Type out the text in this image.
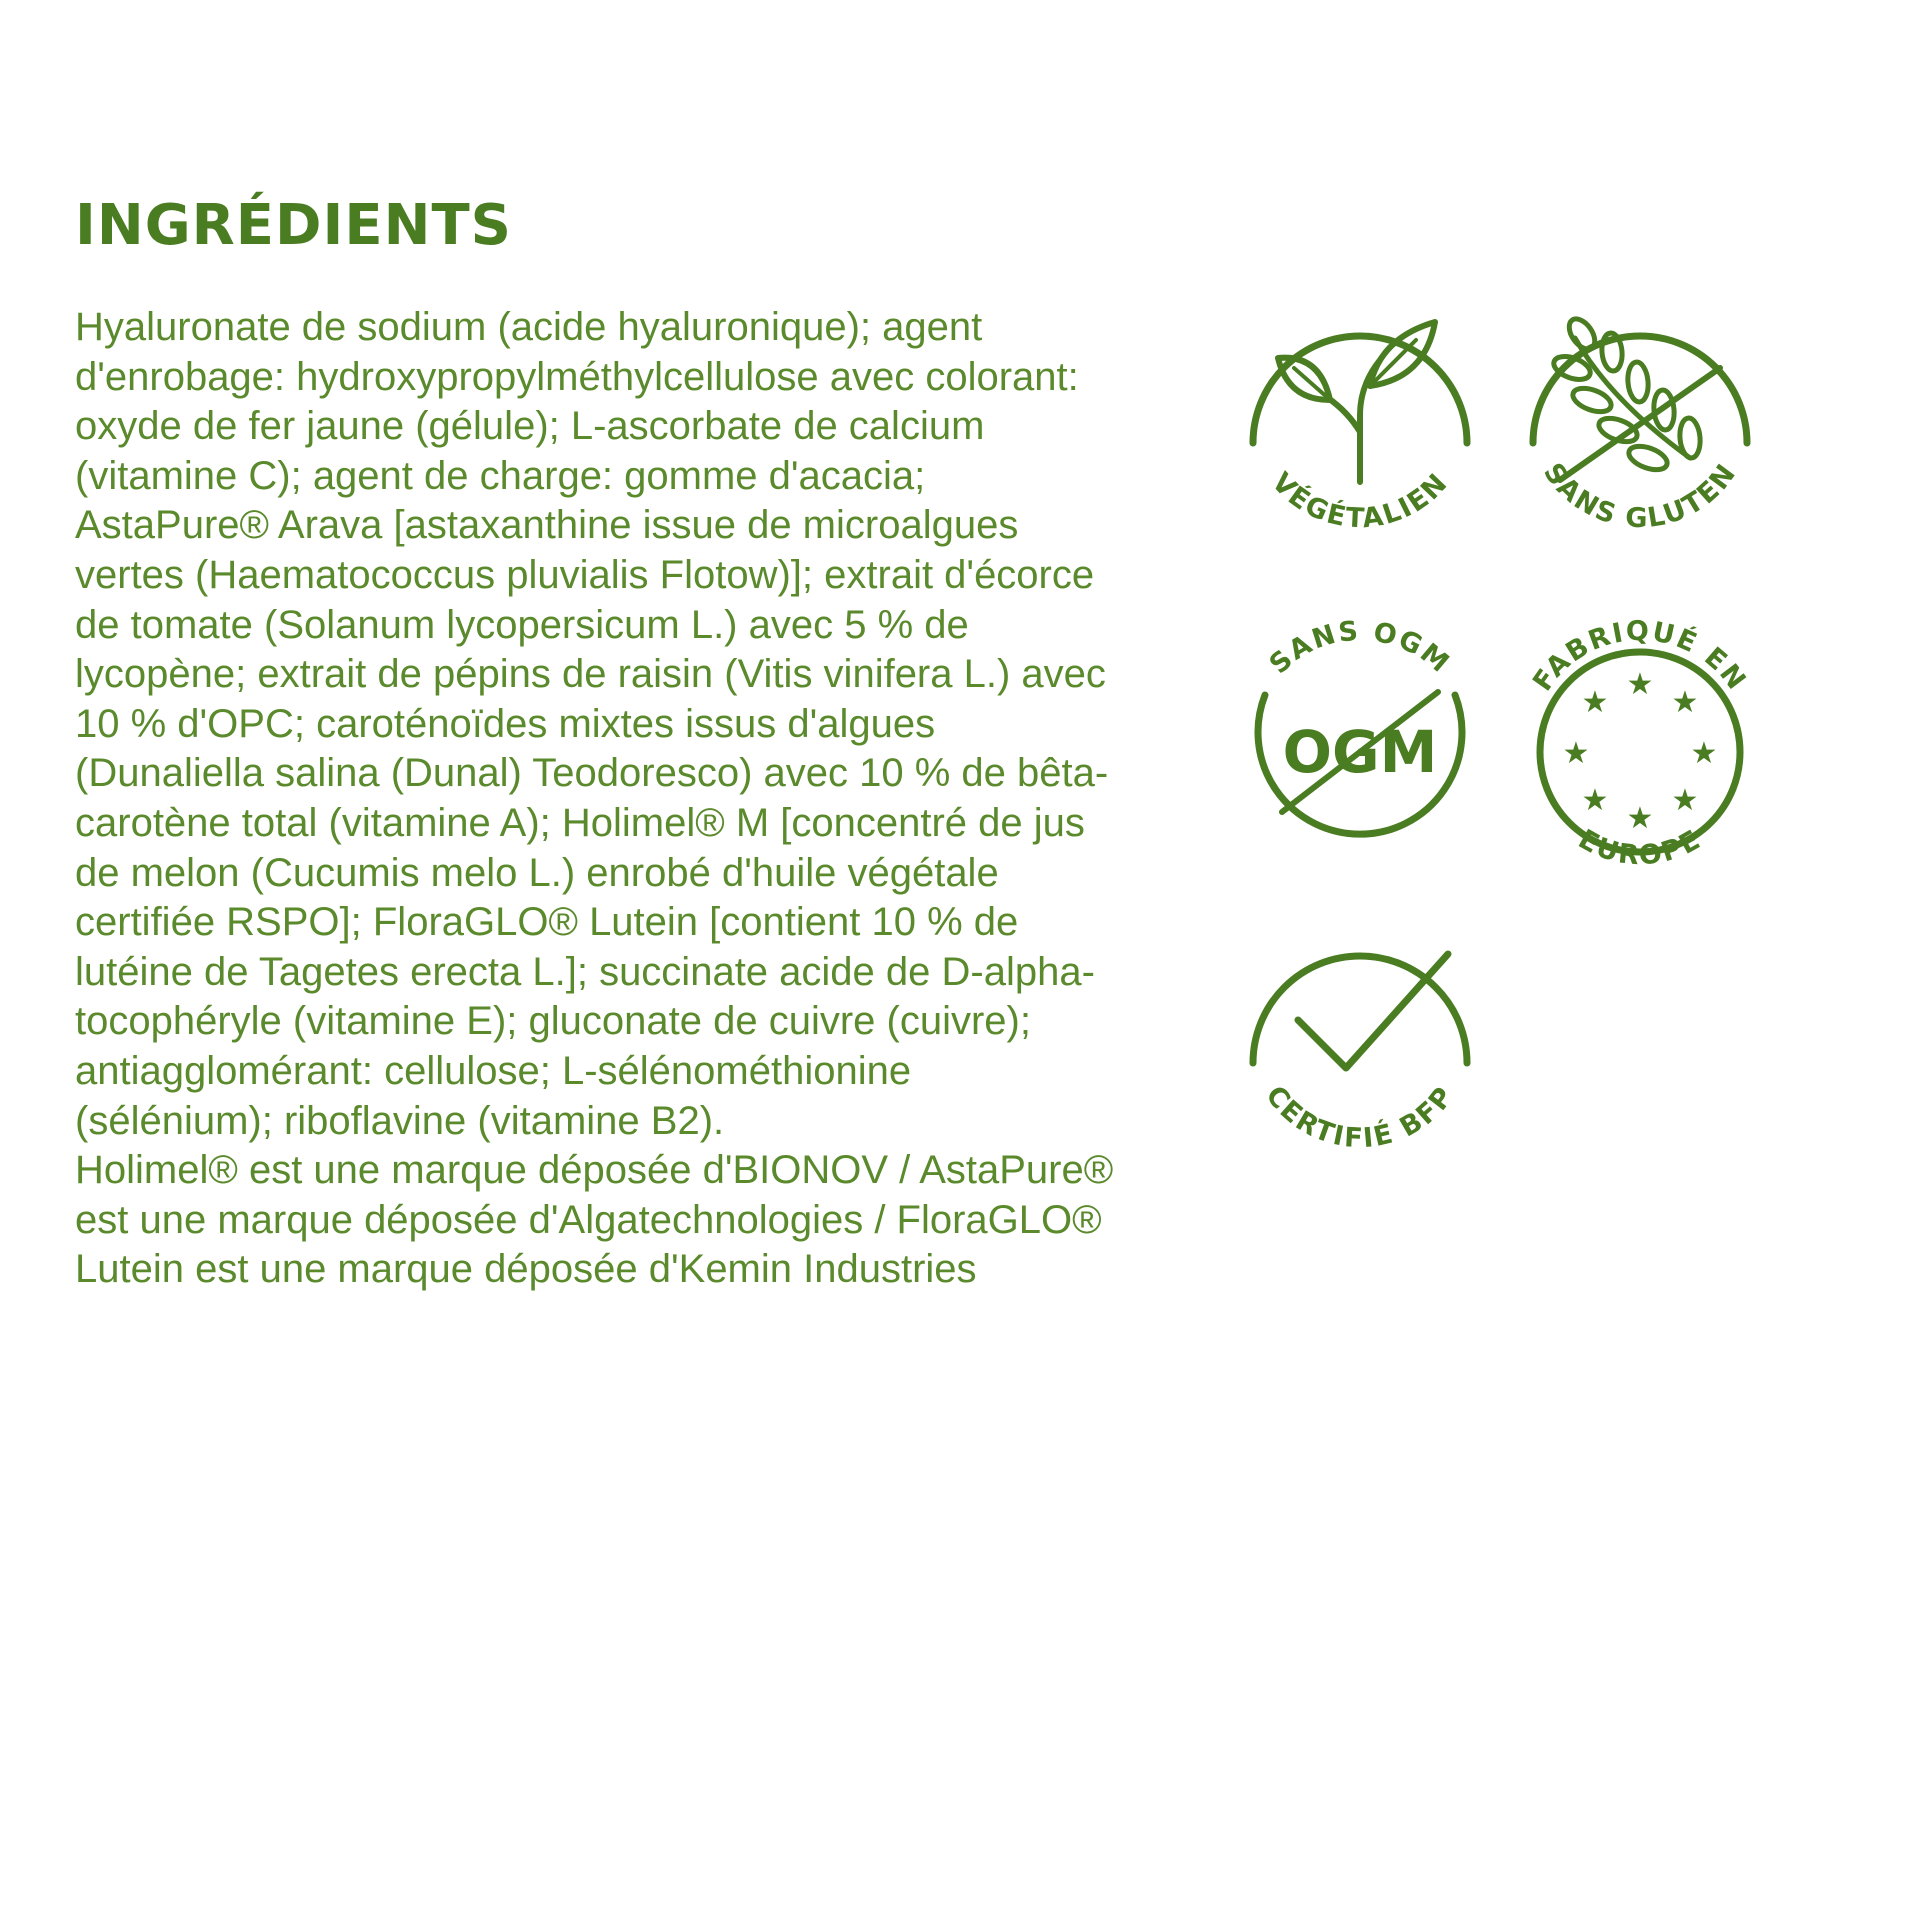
INGRÉDIENTS

Hyaluronate de sodium (acide hyaluronique); agent d'enrobage: hydroxypropylméthylcellulose avec colorant: oxyde de fer jaune (gélule); L-ascorbate de calcium (vitamine C); agent de charge: gomme d'acacia; AstaPure® Arava [astaxanthine issue de microalgues vertes (Haematococcus pluvialis Flotow)]; extrait d'écorce de tomate (Solanum lycopersicum L.) avec 5 % de lycopène; extrait de pépins de raisin (Vitis vinifera L.) avec 10 % d'OPC; caroténoïdes mixtes issus d'algues (Dunaliella salina (Dunal) Teodoresco) avec 10 % de bêta-carotène total (vitamine A); Holimel® M [concentré de jus de melon (Cucumis melo L.) enrobé d'huile végétale certifiée RSPO]; FloraGLO® Lutein [contient 10 % de lutéine de Tagetes erecta L.]; succinate acide de D-alpha-tocophéryle (vitamine E); gluconate de cuivre (cuivre); antiagglomérant: cellulose; L-sélénométhionine (sélénium); riboflavine (vitamine B2).

Holimel® est une marque déposée d'BIONOV / AstaPure® est une marque déposée d'Algatechnologies / FloraGLO® Lutein est une marque déposée d'Kemin Industries

VÉGÉTALIEN	SANS GLUTEN
OGM
SANS OGM
★
★
★
★
★
★
★
★
FABRIQUÉ EN
EUROPE
CERTIFIÉ BFP
